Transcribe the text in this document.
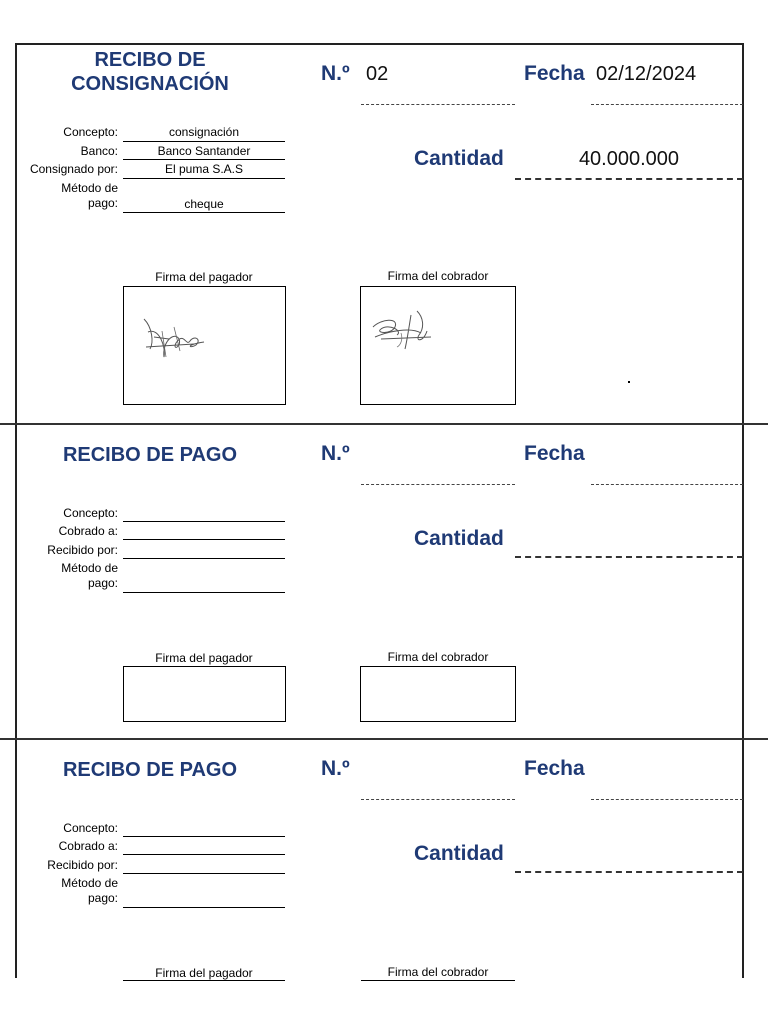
RECIBO DE
CONSIGNACIÓN	N.º 02	Fecha 02/12/2024
Cantidad	40.000.000
Concepto:	consignación
Banco:	Banco Santander
Consignado por:	El puma S.A.S
Método de
pago:	cheque
Firma del pagador	Firma del cobrador
RECIBO DE PAGO	N.º	Fecha
Cantidad
Concepto:
Cobrado a:
Recibido por:
Método de
pago:
Firma del pagador	Firma del cobrador
RECIBO DE PAGO	N.º	Fecha
Cantidad
Concepto:
Cobrado a:
Recibido por:
Método de
pago:
Firma del pagador	Firma del cobrador
